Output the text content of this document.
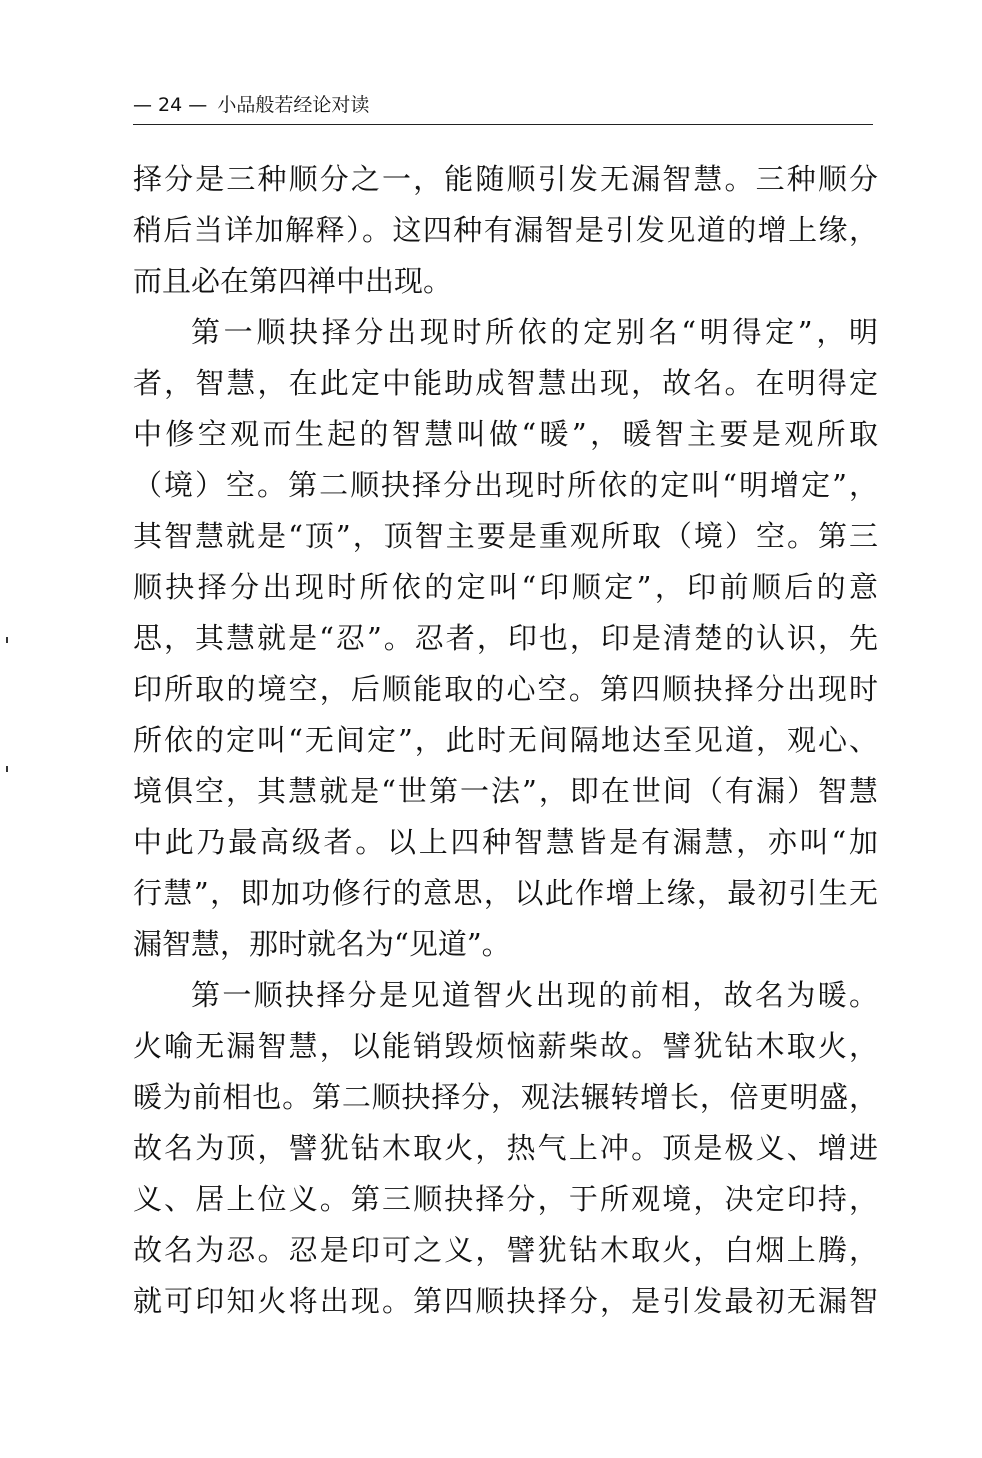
— 24 — 小品般若经论对读
择分是三种顺分之一，能随顺引发无漏智慧。三种顺分
稍后当详加解释）。这四种有漏智是引发见道的增上缘，
而且必在第四禅中出现。
第一顺抉择分出现时所依的定别名“明得定”，明
者，智慧，在此定中能助成智慧出现，故名。在明得定
中修空观而生起的智慧叫做“暖”，暖智主要是观所取
（境）空。第二顺抉择分出现时所依的定叫“明增定”，
其智慧就是“顶”，顶智主要是重观所取（境）空。第三
顺抉择分出现时所依的定叫“印顺定”，印前顺后的意
思，其慧就是“忍”。忍者，印也，印是清楚的认识，先
印所取的境空，后顺能取的心空。第四顺抉择分出现时
所依的定叫“无间定”，此时无间隔地达至见道，观心、
境俱空，其慧就是“世第一法”，即在世间（有漏）智慧
中此乃最高级者。以上四种智慧皆是有漏慧，亦叫“加
行慧”，即加功修行的意思，以此作增上缘，最初引生无
漏智慧，那时就名为“见道”。
第一顺抉择分是见道智火出现的前相，故名为暖。
火喻无漏智慧，以能销毁烦恼薪柴故。譬犹钻木取火，
暖为前相也。第二顺抉择分，观法辗转增长，倍更明盛，
故名为顶，譬犹钻木取火，热气上冲。顶是极义、增进
义、居上位义。第三顺抉择分，于所观境，决定印持，
故名为忍。忍是印可之义，譬犹钻木取火，白烟上腾，
就可印知火将出现。第四顺抉择分，是引发最初无漏智
